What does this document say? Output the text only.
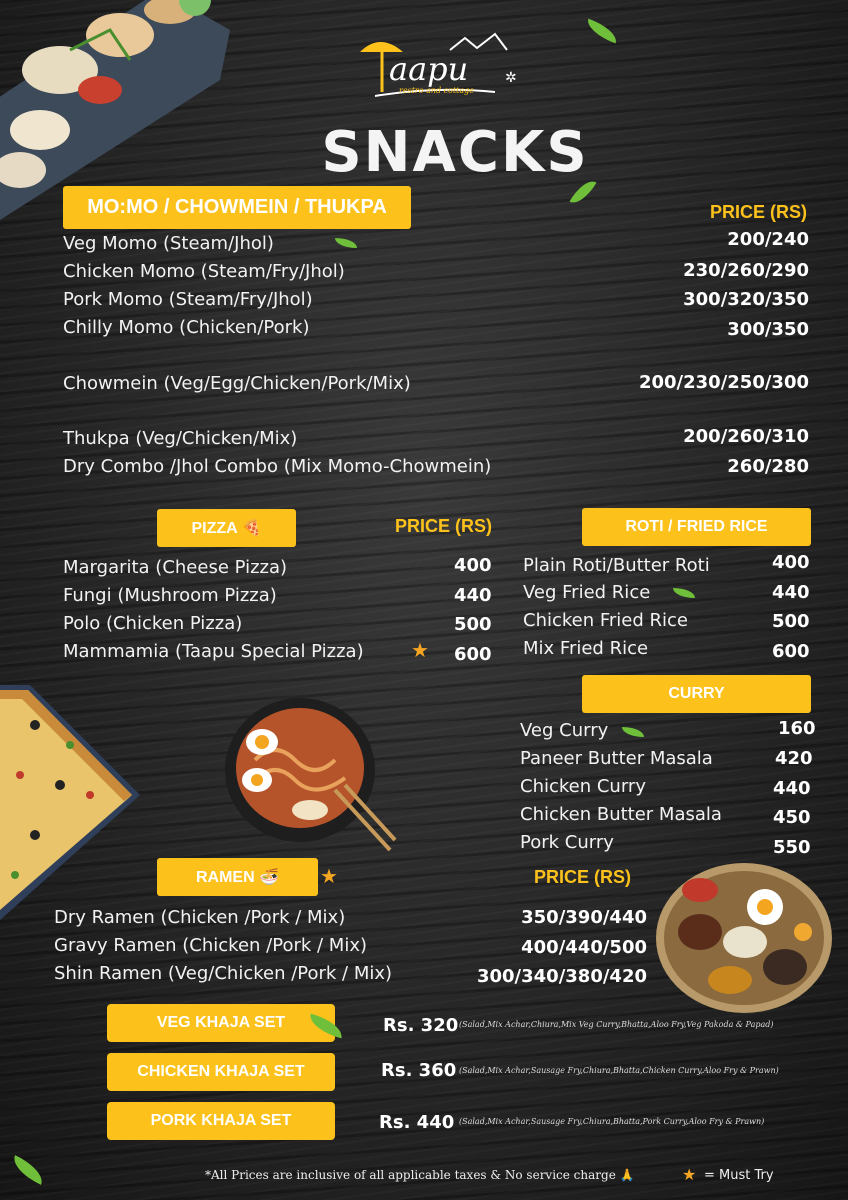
✲
aapu
restro and cottage
SNACKS
MO:MO / CHOWMEIN / THUKPA	PRICE (RS)
Veg Momo (Steam/Jhol)	200/240
Chicken Momo (Steam/Fry/Jhol)	230/260/290
Pork Momo (Steam/Fry/Jhol)	300/320/350
Chilly Momo (Chicken/Pork)	300/350
Chowmein (Veg/Egg/Chicken/Pork/Mix)	200/230/250/300
Thukpa (Veg/Chicken/Mix)	200/260/310
Dry Combo /Jhol Combo (Mix Momo-Chowmein)	260/280
PIZZA 🍕	PRICE (RS)
Margarita (Cheese Pizza)	400
Fungi (Mushroom Pizza)	440
Polo (Chicken Pizza)	500
Mammamia (Taapu Special Pizza) ★ 600
ROTI / FRIED RICE
Plain Roti/Butter Roti	400
Veg Fried Rice	440
Chicken Fried Rice	500
Mix Fried Rice	600
CURRY
Veg Curry	160
Paneer Butter Masala	420
Chicken Curry	440
Chicken Butter Masala	450
Pork Curry	550
RAMEN 🍜	★	PRICE (RS)
Dry Ramen (Chicken /Pork / Mix)	350/390/440
Gravy Ramen (Chicken /Pork / Mix)	400/440/500
Shin Ramen (Veg/Chicken /Pork / Mix)	300/340/380/420
VEG KHAJA SET	Rs. 320 (Salad,Mix Achar,Chiura,Mix Veg Curry,Bhatta,Aloo Fry,Veg Pakoda & Papad)
CHICKEN KHAJA SET	Rs. 360 (Salad,Mix Achar,Sausage Fry,Chiura,Bhatta,Chicken Curry,Aloo Fry & Prawn)
PORK KHAJA SET	Rs. 440 (Salad,Mix Achar,Sausage Fry,Chiura,Bhatta,Pork Curry,Aloo Fry & Prawn)
*All Prices are inclusive of all applicable taxes & No service charge 🙏	★ = Must Try
